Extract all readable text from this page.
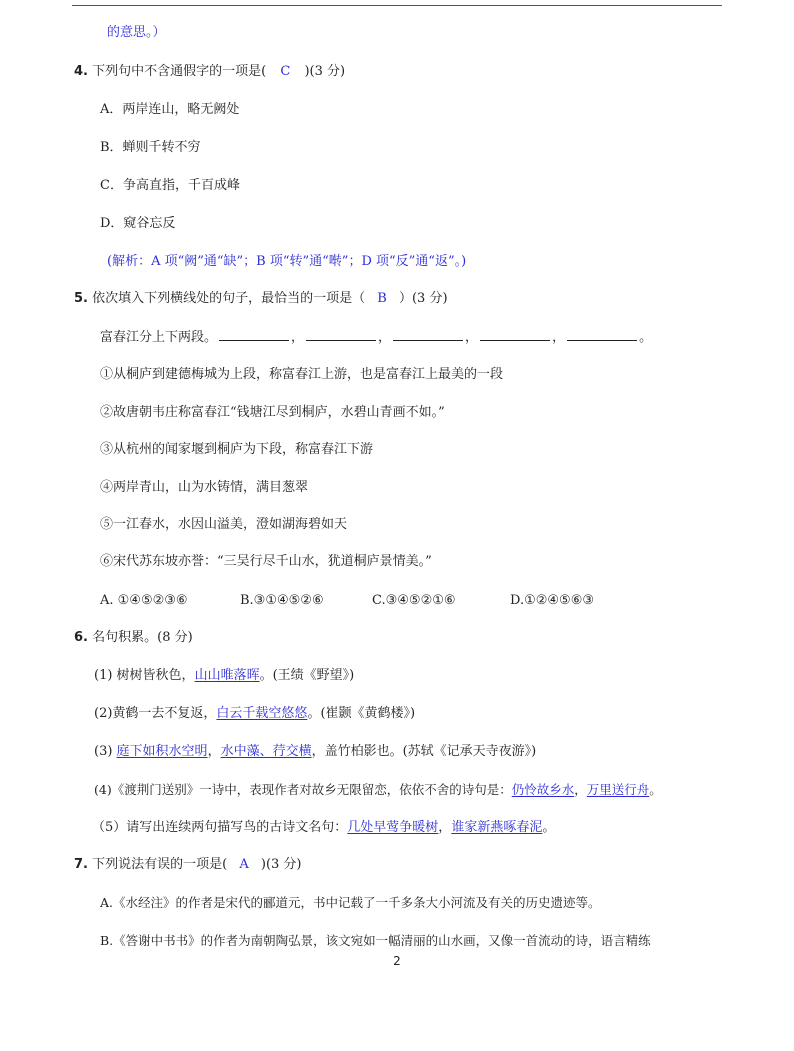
的意思。）
4. 下列句中不含通假字的一项是( C )(3 分)
A．两岸连山，略无阙处
B．蝉则千转不穷
C．争高直指，千百成峰
D．窥谷忘反
(解析：A 项“阙”通“缺”；B 项“转”通“啭”；D 项“反”通“返”。)
5. 依次填入下列横线处的句子，最恰当的一项是（ B ）(3 分)
富春江分上下两段。	，	，	，	，	。
①从桐庐到建德梅城为上段，称富春江上游，也是富春江上最美的一段
②故唐朝韦庄称富春江“钱塘江尽到桐庐，水碧山青画不如。”
③从杭州的闻家堰到桐庐为下段，称富春江下游
④两岸青山，山为水铸情，满目葱翠
⑤一江春水，水因山溢美，澄如湖海碧如天
⑥宋代苏东坡亦誉：“三吴行尽千山水，犹道桐庐景情美。”
A. ①④⑤②③⑥	B.③①④⑤②⑥	C.③④⑤②①⑥	D.①②④⑤⑥③
6. 名句积累。(8 分)
(1) 树树皆秋色，山山唯落晖。(王绩《野望》)
(2)黄鹤一去不复返，白云千载空悠悠。(崔颢《黄鹤楼》)
(3) 庭下如积水空明，水中藻、荇交横，盖竹柏影也。(苏轼《记承天寺夜游》)
(4)《渡荆门送别》一诗中，表现作者对故乡无限留恋，依依不舍的诗句是：仍怜故乡水，万里送行舟。
（5）请写出连续两句描写鸟的古诗文名句：几处早莺争暖树，谁家新燕啄春泥。
7. 下列说法有误的一项是( A )(3 分)
A.《水经注》的作者是宋代的郦道元，书中记载了一千多条大小河流及有关的历史遗迹等。
B.《答谢中书书》的作者为南朝陶弘景，该文宛如一幅清丽的山水画，又像一首流动的诗，语言精练
2
